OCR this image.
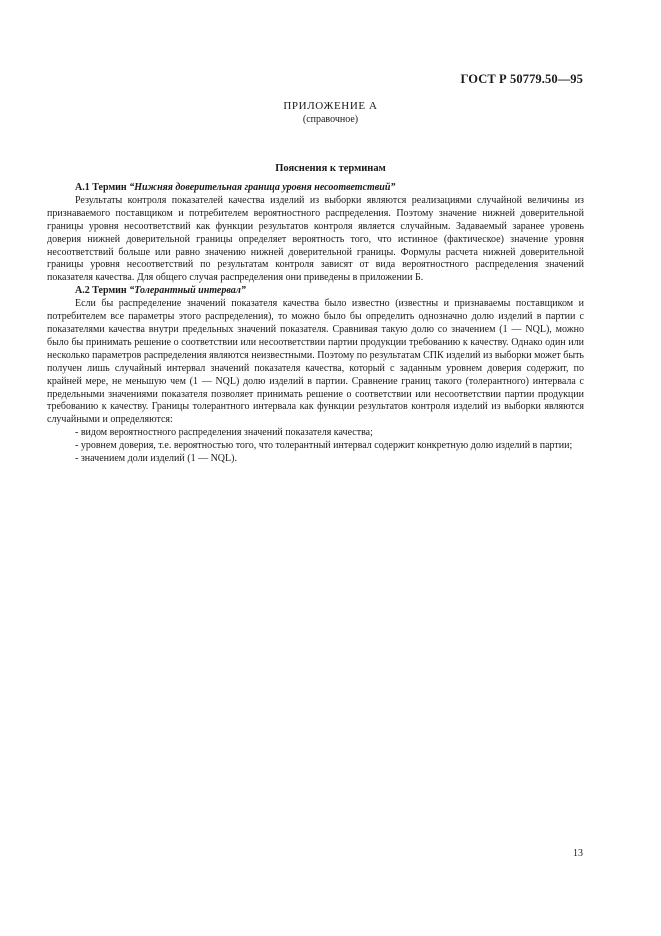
ГОСТ Р 50779.50—95
ПРИЛОЖЕНИЕ А
(справочное)
Пояснения к терминам

А.1 Термин “Нижняя доверительная граница уровня несоответствий”

Результаты контроля показателей качества изделий из выборки являются реализациями случайной величины из признаваемого поставщиком и потребителем вероятностного распределения. Поэтому значение нижней доверительной границы уровня несоответствий как функции результатов контроля является случайным. Задаваемый заранее уровень доверия нижней доверительной границы определяет вероятность того, что истинное (фактическое) значение уровня несоответствий больше или равно значению нижней доверительной границы. Формулы расчета нижней доверительной границы уровня несоответствий по результатам контроля зависят от вида вероятностного распределения значений показателя качества. Для общего случая распределения они приведены в приложении Б.

А.2 Термин “Толерантный интервал”

Если бы распределение значений показателя качества было известно (известны и признаваемы поставщиком и потребителем все параметры этого распределения), то можно было бы определить однозначно долю изделий в партии с показателями качества внутри предельных значений показателя. Сравнивая такую долю со значением (1 — NQL), можно было бы принимать решение о соответствии или несоответствии партии продукции требованию к качеству. Однако один или несколько параметров распределения являются неизвестными. Поэтому по результатам СПК изделий из выборки может быть получен лишь случайный интервал значений показателя качества, который с заданным уровнем доверия содержит, по крайней мере, не меньшую чем (1 — NQL) долю изделий в партии. Сравнение границ такого (толерантного) интервала с предельными значениями показателя позволяет принимать решение о соответствии или несоответствии партии продукции требованию к качеству. Границы толерантного интервала как функции результатов контроля изделий из выборки являются случайными и определяются:

- видом вероятностного распределения значений показателя качества;

- уровнем доверия, т.е. вероятностью того, что толерантный интервал содержит конкретную долю изделий в партии;

- значением доли изделий (1 — NQL).

13
